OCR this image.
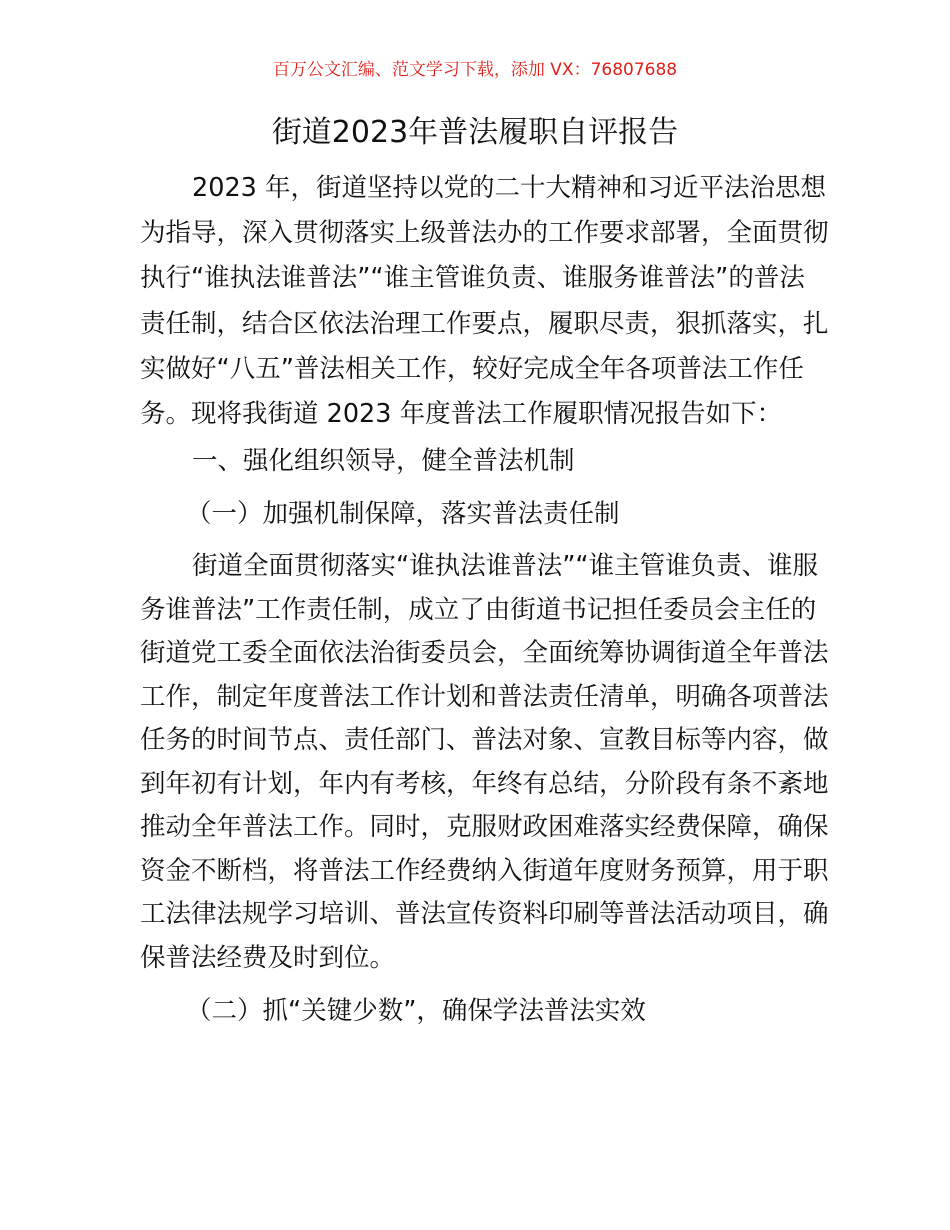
百万公文汇编、范文学习下载，添加 VX：76807688
街道2023年普法履职自评报告
2023 年，街道坚持以党的二十大精神和习近平法治思想
为指导，深入贯彻落实上级普法办的工作要求部署，全面贯彻
执行“谁执法谁普法”“谁主管谁负责、谁服务谁普法”的普法
责任制，结合区依法治理工作要点，履职尽责，狠抓落实，扎
实做好“八五”普法相关工作，较好完成全年各项普法工作任
务。现将我街道 2023 年度普法工作履职情况报告如下：
一、强化组织领导，健全普法机制
（一）加强机制保障，落实普法责任制
街道全面贯彻落实“谁执法谁普法”“谁主管谁负责、谁服
务谁普法”工作责任制，成立了由街道书记担任委员会主任的
街道党工委全面依法治街委员会，全面统筹协调街道全年普法
工作，制定年度普法工作计划和普法责任清单，明确各项普法
任务的时间节点、责任部门、普法对象、宣教目标等内容，做
到年初有计划，年内有考核，年终有总结，分阶段有条不紊地
推动全年普法工作。同时，克服财政困难落实经费保障，确保
资金不断档，将普法工作经费纳入街道年度财务预算，用于职
工法律法规学习培训、普法宣传资料印刷等普法活动项目，确
保普法经费及时到位。
（二）抓“关键少数”，确保学法普法实效
